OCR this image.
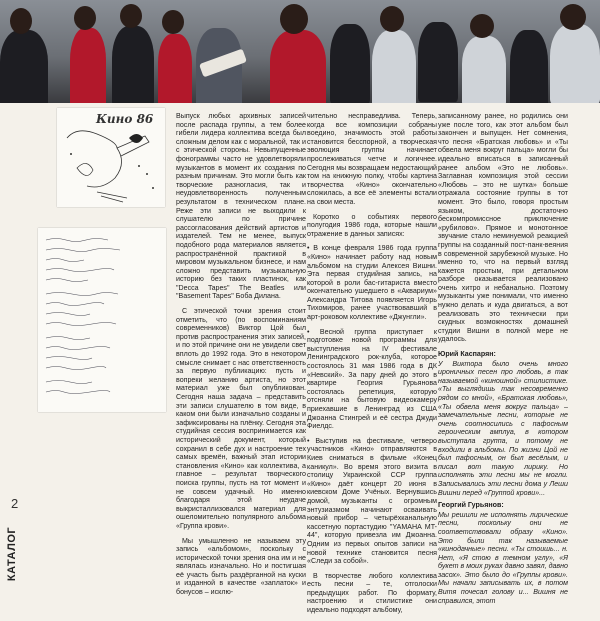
Кино 86	Выпуск любых архивных записей после распада группы, а тем более гибели лидера коллектива всегда был сложным делом как с моральной, так и с этической стороны. Невыпущенные фонограммы часто не удовлетворяли музыкантов в момент их создания по разным причинам. Это могли быть как творческие разногласия, так и неудовлетворенность полученным результатом в техническом плане. Реже эти записи не выходили к слушателю по причине рассогласования действий артистов и издателей. Тем не менее, выпуск подобного рода материалов является распространённой практикой в мировом музыкальном бизнесе, и нам сложно представить музыкальную историю без таких пластинок, как "Decca Tapes" The Beatles или "Basement Tapes" Боба Дилана.

С этической точки зрения стоит отметить, что (по воспоминаниям современников) Виктор Цой был против распространения этих записей, и по этой причине они не увидели свет вплоть до 1992 года. Это в некотором смысле снимает с нас ответственность за первую публикацию: пусть и вопреки желанию артиста, но этот материал уже был опубликован. Сегодня наша задача – представить эти записи слушателю в том виде, в каком они были изначально созданы и зафиксированы на плёнку. Сегодня эта студийная сессия воспринимается как исторический документ, который сохранил в себе дух и настроение тех самых времён, важный этап истории становления «Кино» как коллектива, а главное – результат творческого поиска группы, пусть на тот момент и не совсем удачный. Но именно благодаря этой неудаче выкристаллизовался материал для ошеломительно популярного альбома «Группа крови».

Мы умышленно не называем эту запись «альбомом», поскольку с исторической точки зрения она им и не являлась изначально. Но и постигшая её участь быть раздёрганной на куски и изданной в качестве «заплаток» и бонусов – исклю-

чительно несправедлива. Теперь, когда все композиции собраны воедино, значимость этой работы становится бесспорной, а творческая эволюция группы начинает прослеживаться четче и логичнее. Сегодня мы возвращаем недостающий том на книжную полку, чтобы картина творчества «Кино» окончательно сложилась, а все её элементы встали на свои места.

Коротко о событиях первого полугодия 1986 года, которые нашли отражение в данных записях:

• В конце февраля 1986 года группа «Кино» начинает работу над новым альбомом на студии Алексея Вишни. Эта первая студийная запись, на которой в роли бас-гитариста вместо окончательно ушедшего в «Аквариум» Александра Титова появляется Игорь Тихомиров, ранее участвовавший в арт-роковом коллективе «Джунгли».

• Весной группа приступает к подготовке новой программы для выступления на IV фестивале Ленинградского рок-клуба, которое состоялось 31 мая 1986 года в ДК «Невский». За пару дней до этого в квартире Георгия Гурьянова состоялась репетиция, которую отсняли на бытовую видеокамеру приехавшие в Ленинград из США Джоанна Стингрей и её сестра Джуди Фиелдс.

• Выступив на фестивале, четверо участников «Кино» отправляются в Киев сниматься в фильме «Конец каникул». Во время этого визита в столицу Украинской ССР группа «Кино» даёт концерт 20 июня в киевском Доме Учёных. Вернувшись домой, музыканты с огромным энтузиазмом начинают осваивать новый прибор – четырёхканальную кассетную портастудию "YAMAHA MT-44", которую привезла им Джоанна. Одним из первых опытов записи на новой технике становится песня «Следи за собой».

В творчестве любого коллектива есть песни – те, отголоски предыдущих работ. По формату, настроению и стилистике они идеально подходят альбому,

записанному ранее, но родились они уже после того, как этот альбом был закончен и выпущен. Нет сомнения, что песня «Братская любовь» и «Ты обвела меня вокруг пальца» могли бы идеально вписаться в записанный ранее альбом «Это не любовь». Заглавная композиция этой сессии «Любовь – это не шутка» больше отражала состояние группы в тот момент. Это было, говоря простым языком, достаточно бескомпромиссное приключение «рубилово». Прямое и монотонное звучание стало неминуемой реакцией группы на созданный пост-панк-веяния в современной зарубежной музыке. Но именно то, что на первый взгляд кажется простым, при детальном разборе оказывается реализовано очень хитро и небанально. Поэтому музыканты уже понимали, что именно нужно делать и куда двигаться, а вот реализовать это технически при скудных возможностях домашней студии Вишни в полной мере не удалось.

Юрий Каспарян:
У Виктора было очень много ироничных песен про любовь, в так называемой «киношной» стилистике. «Ты выглядишь так несовременно рядом со мной», «Братская любовь», «Ты обвела меня вокруг пальца» – замечательные песни, которые не очень соотносились с пафосным героическим амплуа, в котором выступала группа, и потому не входили в альбомы. По жизни Цой не был пафосным, он был весёлым, и писал вот такую лирику. Но исполнять эти песни мы не могли. Записывались эти песни дома у Леши Вишни перед «Группой крови»...
Георгий Гурьянов:
Мы решили не исполнять лирические песни, поскольку они не соответствовали образу «Кино». Это были так называемые «кинодачные» песни. «Ты стоишь... н. Нет, «Я стою в темном углу», «Я букет в моих руках давно завял, давно засох». Это было до «Группы крови». Мы начали записывать их, в потом Витя почесал голову и... Вишня не справился, этот
2
КАТАЛОГ
